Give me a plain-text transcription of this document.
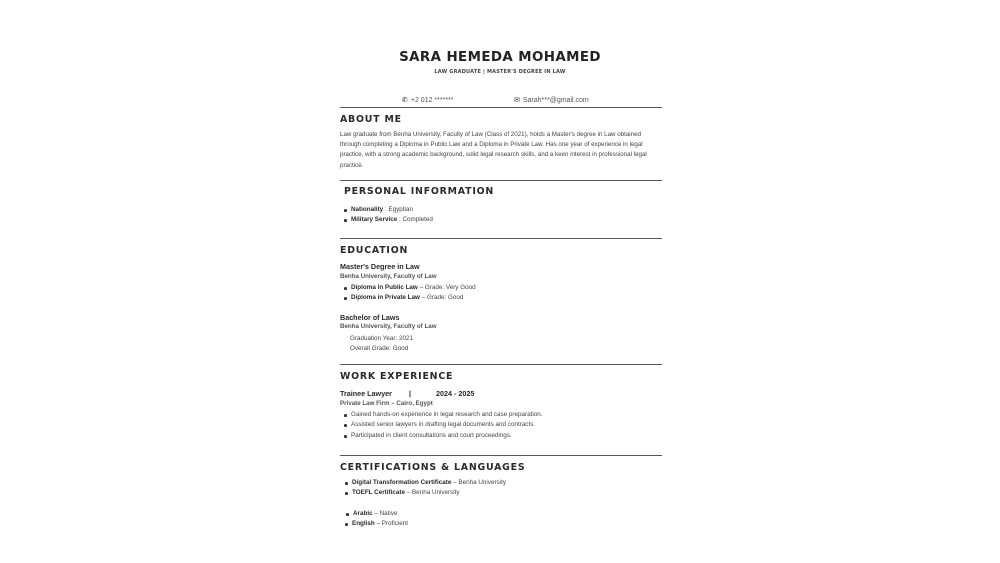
SARA HEMEDA MOHAMED
LAW GRADUATE | MASTER'S DEGREE IN LAW
✆ +2 012 *******	✉ Sarah***@gmail.com
ABOUT ME
Law graduate from Benha University, Faculty of Law (Class of 2021), holds a Master's degree in Law obtained through completing a Diploma in Public Law and a Diploma in Private Law. Has one year of experience in legal practice, with a strong academic background, solid legal research skills, and a keen interest in professional legal practice.
PERSONAL INFORMATION
Nationality : Egyptian
Military Service : Completed
EDUCATION
Master's Degree in Law
Benha University, Faculty of Law
Diploma in Public Law – Grade: Very Good
Diploma in Private Law – Grade: Good
Bachelor of Laws
Benha University, Faculty of Law
Graduation Year: 2021
Overall Grade: Good
WORK EXPERIENCE
Trainee Lawyer |	2024 - 2025
Private Law Firm – Cairo, Egypt
Gained hands-on experience in legal research and case preparation.
Assisted senior lawyers in drafting legal documents and contracts.
Participated in client consultations and court proceedings.
CERTIFICATIONS & LANGUAGES
Digital Transformation Certificate – Benha University
TOEFL Certificate – Benha University
Arabic – Native
English – Proficient
